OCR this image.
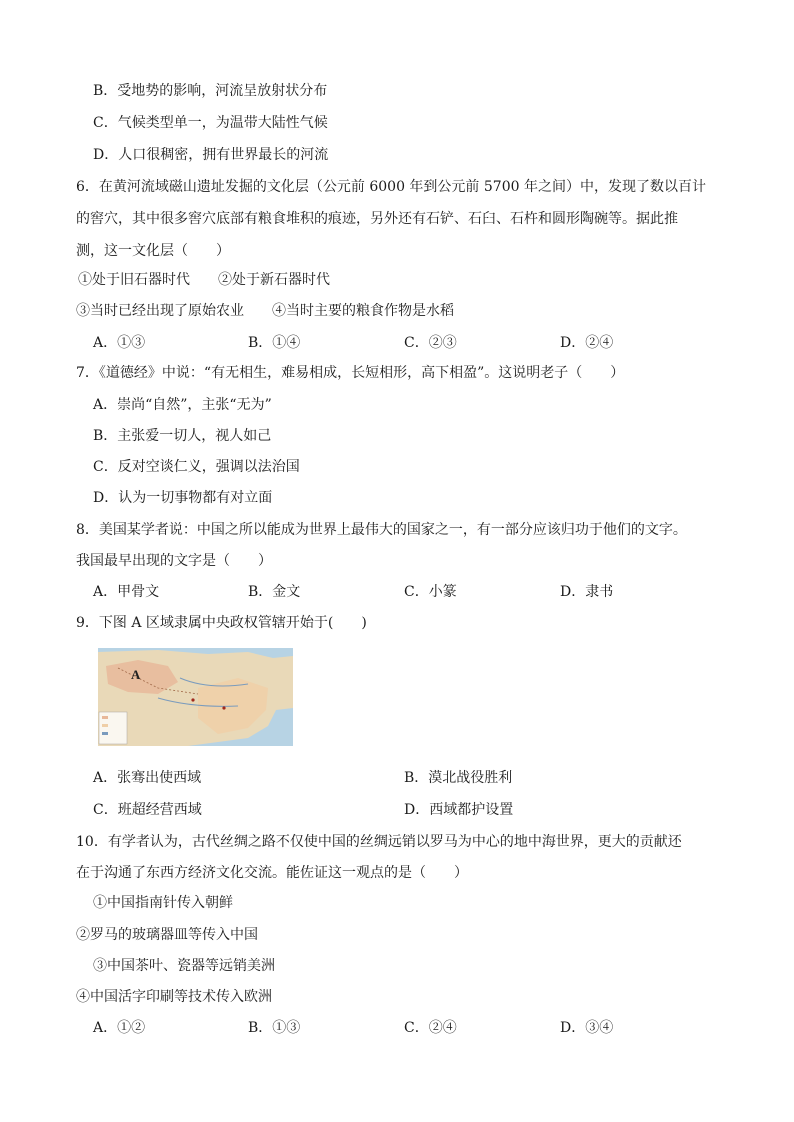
B．受地势的影响，河流呈放射状分布
C．气候类型单一，为温带大陆性气候
D．人口很稠密，拥有世界最长的河流
6．在黄河流域磁山遗址发掘的文化层（公元前 6000 年到公元前 5700 年之间）中，发现了数以百计
的窖穴，其中很多窖穴底部有粮食堆积的痕迹，另外还有石铲、石臼、石杵和圆形陶碗等。据此推
测，这一文化层（　　）
①处于旧石器时代　　②处于新石器时代
③当时已经出现了原始农业　　④当时主要的粮食作物是水稻
A．①③	B．①④	C．②③	D．②④
7．《道德经》中说：“有无相生，难易相成，长短相形，高下相盈”。这说明老子（　　）
A．崇尚“自然”，主张“无为”
B．主张爱一切人，视人如己
C．反对空谈仁义，强调以法治国
D．认为一切事物都有对立面
8．美国某学者说：中国之所以能成为世界上最伟大的国家之一，有一部分应该归功于他们的文字。
我国最早出现的文字是（　　）
A．甲骨文	B．金文	C．小篆	D．隶书
9．下图 A 区域隶属中央政权管辖开始于(　　)
A
A．张骞出使西域	B．漠北战役胜利
C．班超经营西域	D．西域都护设置
10．有学者认为，古代丝绸之路不仅使中国的丝绸远销以罗马为中心的地中海世界，更大的贡献还
在于沟通了东西方经济文化交流。能佐证这一观点的是（　　）
①中国指南针传入朝鲜
②罗马的玻璃器皿等传入中国
③中国茶叶、瓷器等远销美洲
④中国活字印刷等技术传入欧洲
A．①②	B．①③	C．②④	D．③④
